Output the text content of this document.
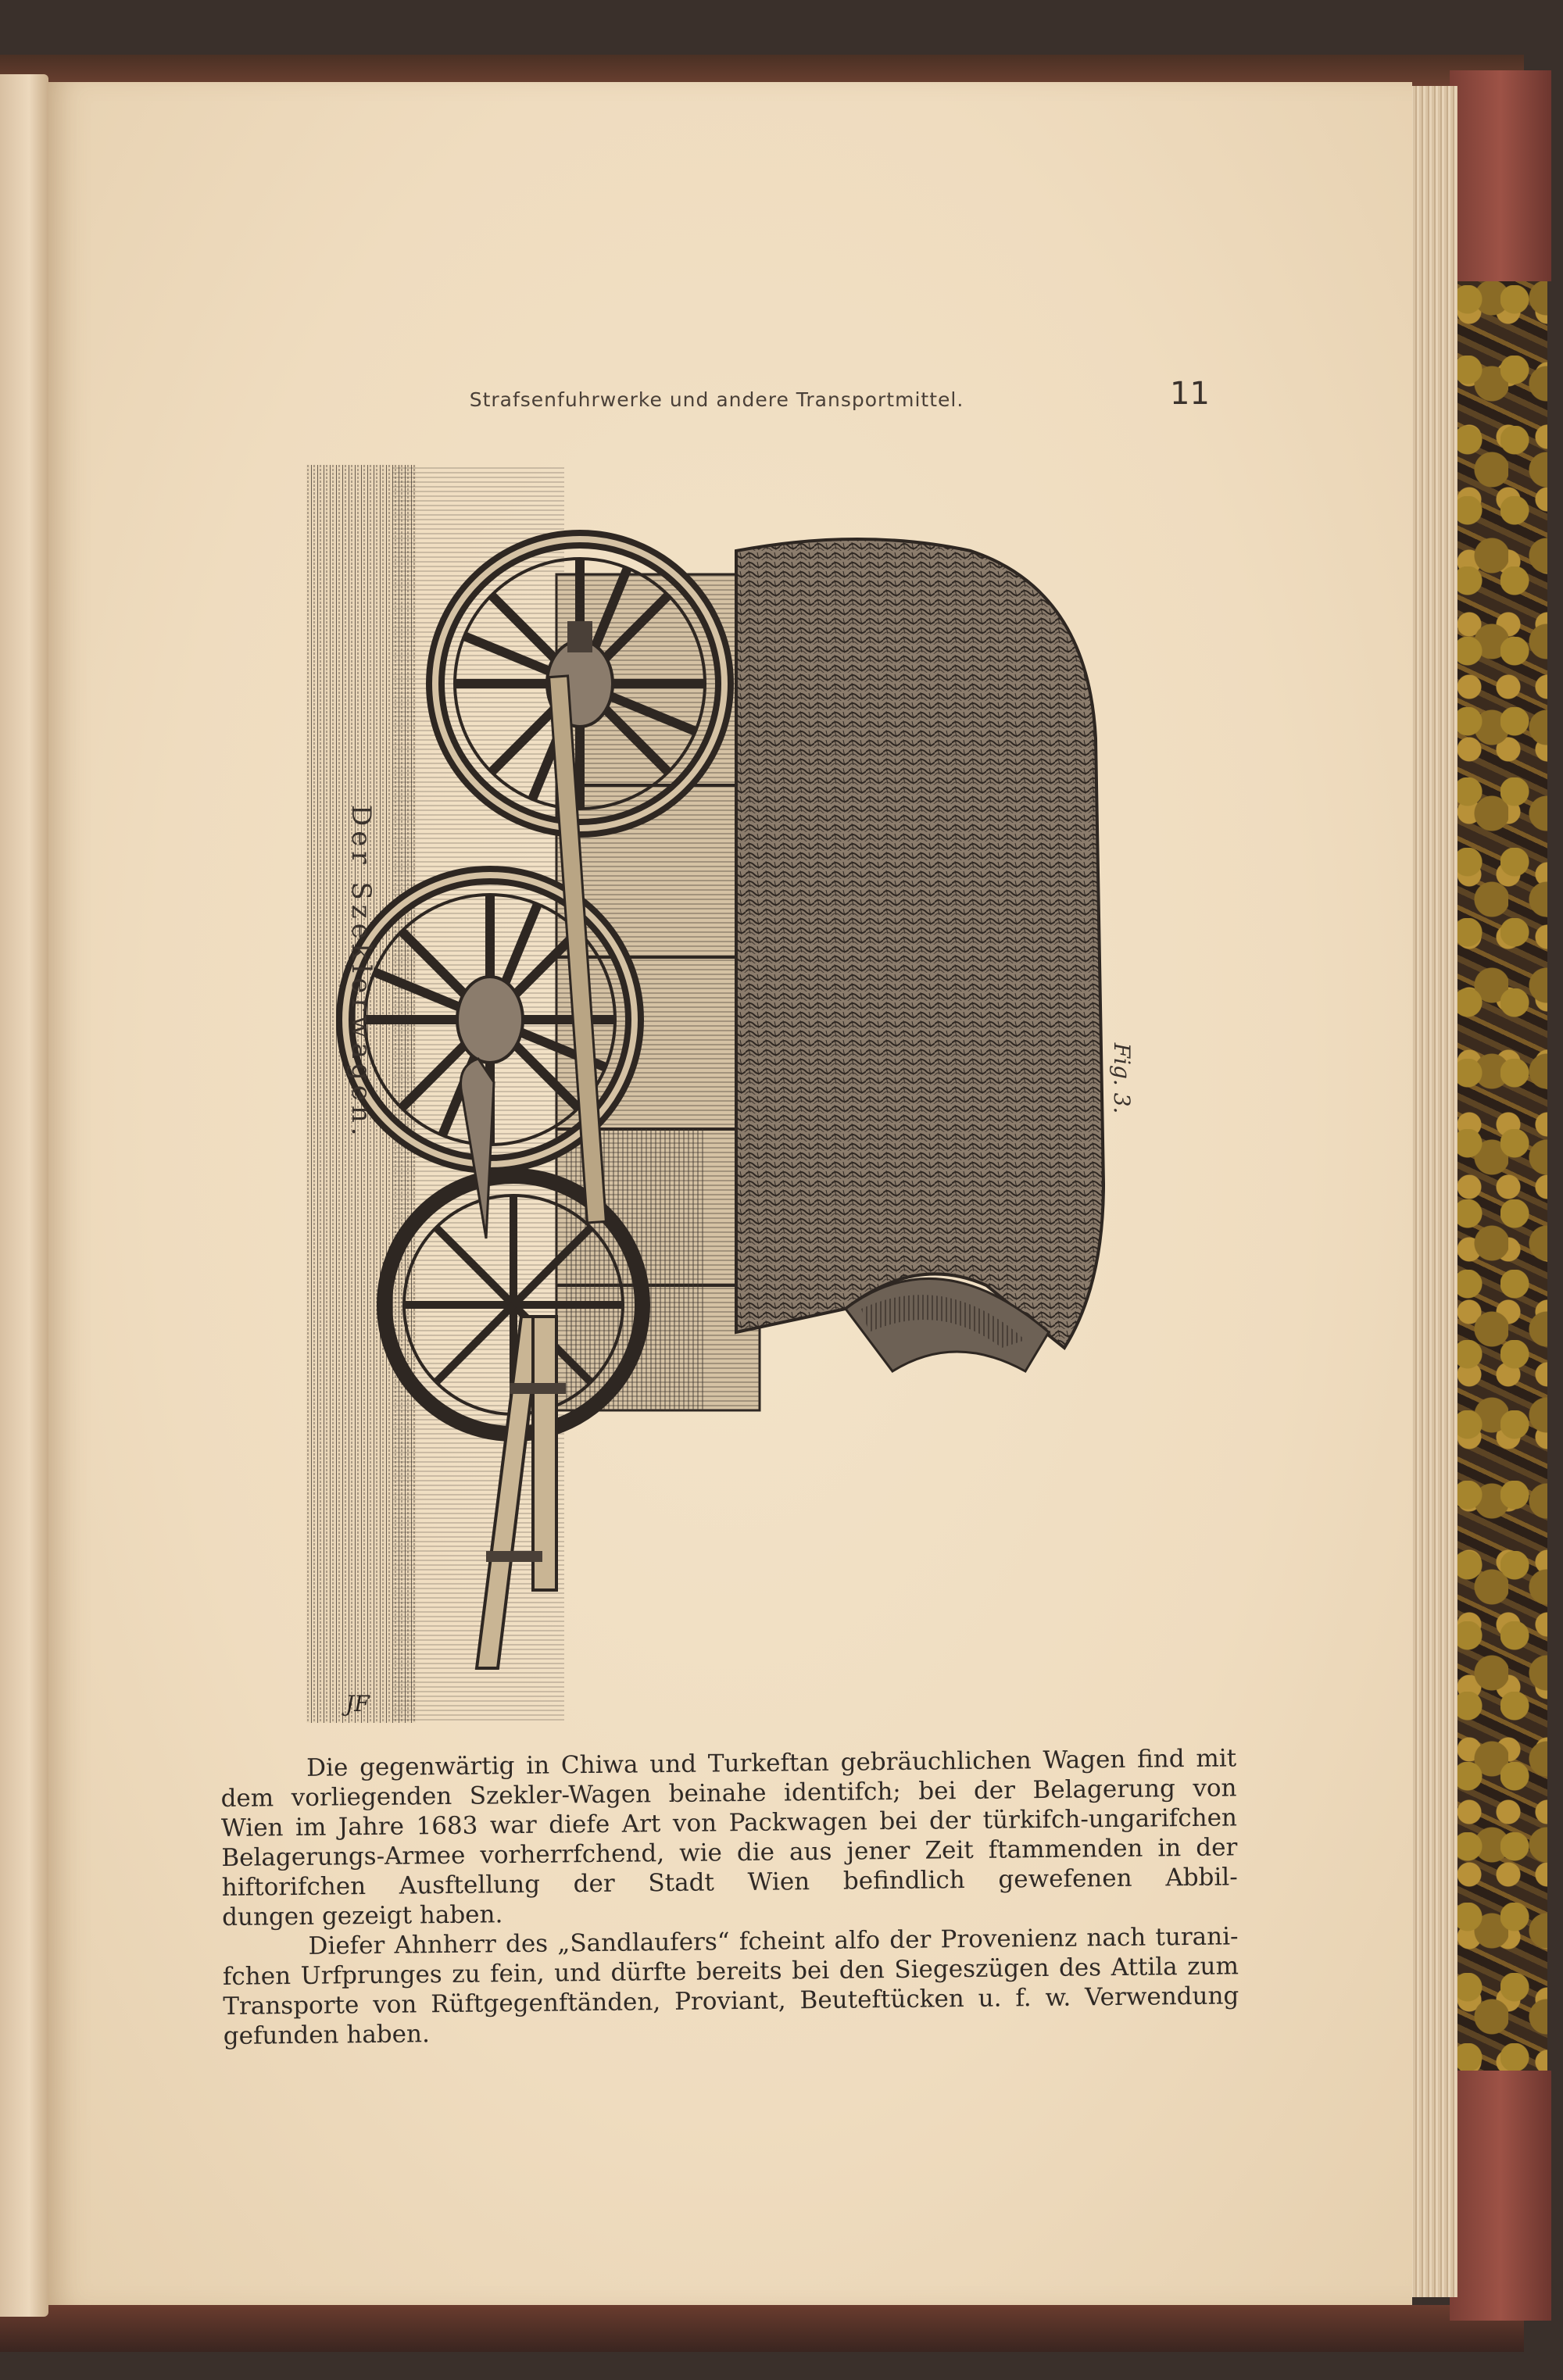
Strafsenfuhrwerke und andere Transportmittel.	11
JF
Der Szeklerwagen.	Fig. 3.

Die gegenwärtig in Chiwa und Turkeftan gebräuchlichen Wagen find mit
dem vorliegenden Szekler-Wagen beinahe identifch; bei der Belagerung von
Wien im Jahre 1683 war diefe Art von Packwagen bei der türkifch-ungarifchen
Belagerungs-Armee vorherrfchend, wie die aus jener Zeit ftammenden in der
hiftorifchen Ausftellung der Stadt Wien befindlich gewefenen Abbil-
dungen gezeigt haben.

Diefer Ahnherr des „Sandlaufers“ fcheint alfo der Provenienz nach turani-
fchen Urfprunges zu fein, und dürfte bereits bei den Siegeszügen des Attila zum
Transporte von Rüftgegenftänden, Proviant, Beuteftücken u. f. w. Verwendung
gefunden haben.
